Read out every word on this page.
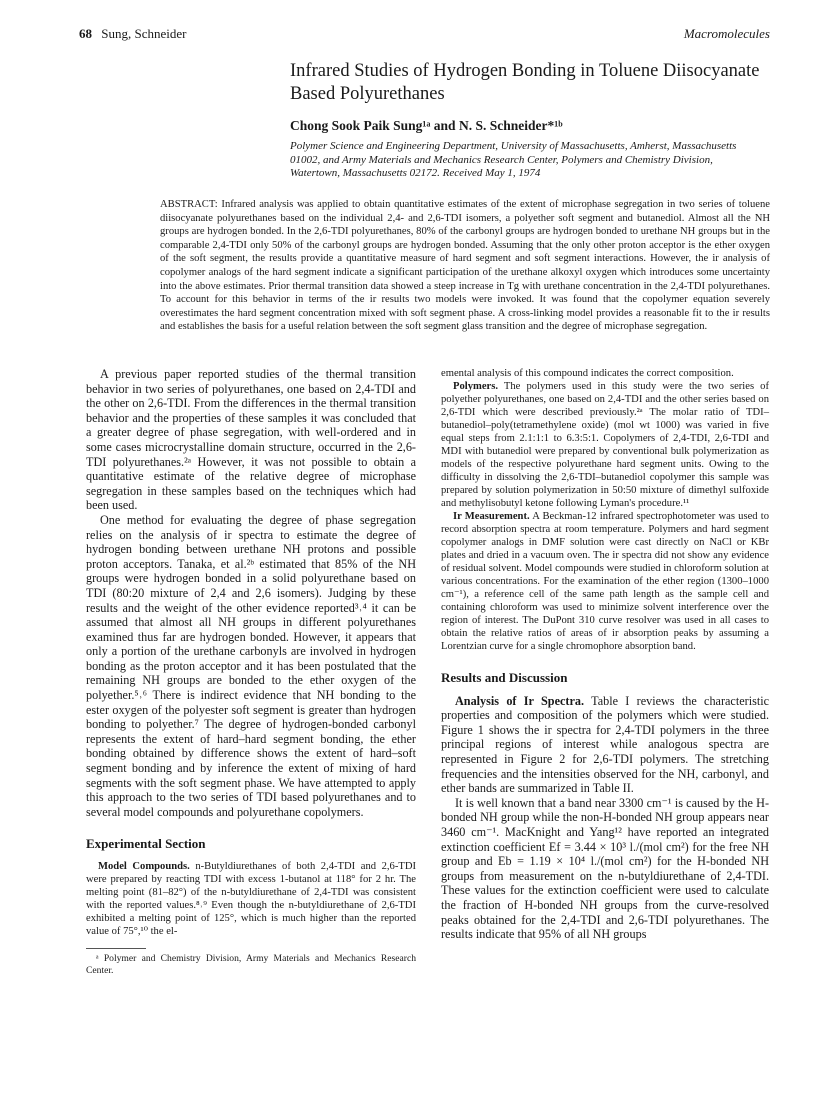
68 Sung, Schneider	Macromolecules
Infrared Studies of Hydrogen Bonding in Toluene Diisocyanate Based Polyurethanes
Chong Sook Paik Sung¹ᵃ and N. S. Schneider*¹ᵇ
Polymer Science and Engineering Department, University of Massachusetts, Amherst, Massachusetts 01002, and Army Materials and Mechanics Research Center, Polymers and Chemistry Division, Watertown, Massachusetts 02172. Received May 1, 1974

ABSTRACT: Infrared analysis was applied to obtain quantitative estimates of the extent of microphase segregation in two series of toluene diisocyanate polyurethanes based on the individual 2,4- and 2,6-TDI isomers, a polyether soft segment and butanediol. Almost all the NH groups are hydrogen bonded. In the 2,6-TDI polyurethanes, 80% of the carbonyl groups are hydrogen bonded to urethane NH groups but in the comparable 2,4-TDI only 50% of the carbonyl groups are hydrogen bonded. Assuming that the only other proton acceptor is the ether oxygen of the soft segment, the results provide a quantitative measure of hard segment and soft segment interactions. However, the ir analysis of copolymer analogs of the hard segment indicate a significant participation of the urethane alkoxyl oxygen which introduces some uncertainty into the above estimates. Prior thermal transition data showed a steep increase in Tg with urethane concentration in the 2,4-TDI polyurethanes. To account for this behavior in terms of the ir results two models were invoked. It was found that the copolymer equation severely overestimates the hard segment concentration mixed with soft segment phase. A cross-linking model provides a reasonable fit to the ir results and establishes the basis for a useful relation between the soft segment glass transition and the degree of microphase segregation.

A previous paper reported studies of the thermal transition behavior in two series of polyurethanes, one based on 2,4-TDI and the other on 2,6-TDI. From the differences in the thermal transition behavior and the properties of these samples it was concluded that a greater degree of phase segregation, with well-ordered and in some cases microcrystalline domain structure, occurred in the 2,6-TDI polyurethanes.²ᵃ However, it was not possible to obtain a quantitative estimate of the relative degree of microphase segregation in these samples based on the techniques which had been used.

One method for evaluating the degree of phase segregation relies on the analysis of ir spectra to estimate the degree of hydrogen bonding between urethane NH protons and possible proton acceptors. Tanaka, et al.²ᵇ estimated that 85% of the NH groups were hydrogen bonded in a solid polyurethane based on TDI (80:20 mixture of 2,4 and 2,6 isomers). Judging by these results and the weight of the other evidence reported³˒⁴ it can be assumed that almost all NH groups in different polyurethanes examined thus far are hydrogen bonded. However, it appears that only a portion of the urethane carbonyls are involved in hydrogen bonding as the proton acceptor and it has been postulated that the remaining NH groups are bonded to the ether oxygen of the polyether.⁵˒⁶ There is indirect evidence that NH bonding to the ester oxygen of the polyester soft segment is greater than hydrogen bonding to polyether.⁷ The degree of hydrogen-bonded carbonyl represents the extent of hard–hard segment bonding, the ether bonding obtained by difference shows the extent of hard–soft segment bonding and by inference the extent of mixing of hard segments with the soft segment phase. We have attempted to apply this approach to the two series of TDI based polyurethanes and to several model compounds and polyurethane copolymers.

Experimental Section

Model Compounds. n-Butyldiurethanes of both 2,4-TDI and 2,6-TDI were prepared by reacting TDI with excess 1-butanol at 118° for 2 hr. The melting point (81–82°) of the n-butyldiurethane of 2,4-TDI was consistent with the reported values.⁸˒⁹ Even though the n-butyldiurethane of 2,6-TDI exhibited a melting point of 125°, which is much higher than the reported value of 75°,¹⁰ the el-

ᵃ Polymer and Chemistry Division, Army Materials and Mechanics Research Center.

emental analysis of this compound indicates the correct composition.

Polymers. The polymers used in this study were the two series of polyether polyurethanes, one based on 2,4-TDI and the other series based on 2,6-TDI which were described previously.²ᵃ The molar ratio of TDI–butanediol–poly(tetramethylene oxide) (mol wt 1000) was varied in five equal steps from 2.1:1:1 to 6.3:5:1. Copolymers of 2,4-TDI, 2,6-TDI and MDI with butanediol were prepared by conventional bulk polymerization as models of the respective polyurethane hard segment units. Owing to the difficulty in dissolving the 2,6-TDI–butanediol copolymer this sample was prepared by solution polymerization in 50:50 mixture of dimethyl sulfoxide and methylisobutyl ketone following Lyman's procedure.¹¹

Ir Measurement. A Beckman-12 infrared spectrophotometer was used to record absorption spectra at room temperature. Polymers and hard segment copolymer analogs in DMF solution were cast directly on NaCl or KBr plates and dried in a vacuum oven. The ir spectra did not show any evidence of residual solvent. Model compounds were studied in chloroform solution at various concentrations. For the examination of the ether region (1300–1000 cm⁻¹), a reference cell of the same path length as the sample cell and containing chloroform was used to minimize solvent interference over the region of interest. The DuPont 310 curve resolver was used in all cases to obtain the relative ratios of areas of ir absorption peaks by assuming a Lorentzian curve for a single chromophore absorption band.

Results and Discussion

Analysis of Ir Spectra. Table I reviews the characteristic properties and composition of the polymers which were studied. Figure 1 shows the ir spectra for 2,4-TDI polymers in the three principal regions of interest while analogous spectra are represented in Figure 2 for 2,6-TDI polymers. The stretching frequencies and the intensities observed for the NH, carbonyl, and ether bands are summarized in Table II.

It is well known that a band near 3300 cm⁻¹ is caused by the H-bonded NH group while the non-H-bonded NH group appears near 3460 cm⁻¹. MacKnight and Yang¹² have reported an integrated extinction coefficient Ef = 3.44 × 10³ l./(mol cm²) for the free NH group and Eb = 1.19 × 10⁴ l./(mol cm²) for the H-bonded NH groups from measurement on the n-butyldiurethane of 2,4-TDI. These values for the extinction coefficient were used to calculate the fraction of H-bonded NH groups from the curve-resolved peaks obtained for the 2,4-TDI and 2,6-TDI polyurethanes. The results indicate that 95% of all NH groups
